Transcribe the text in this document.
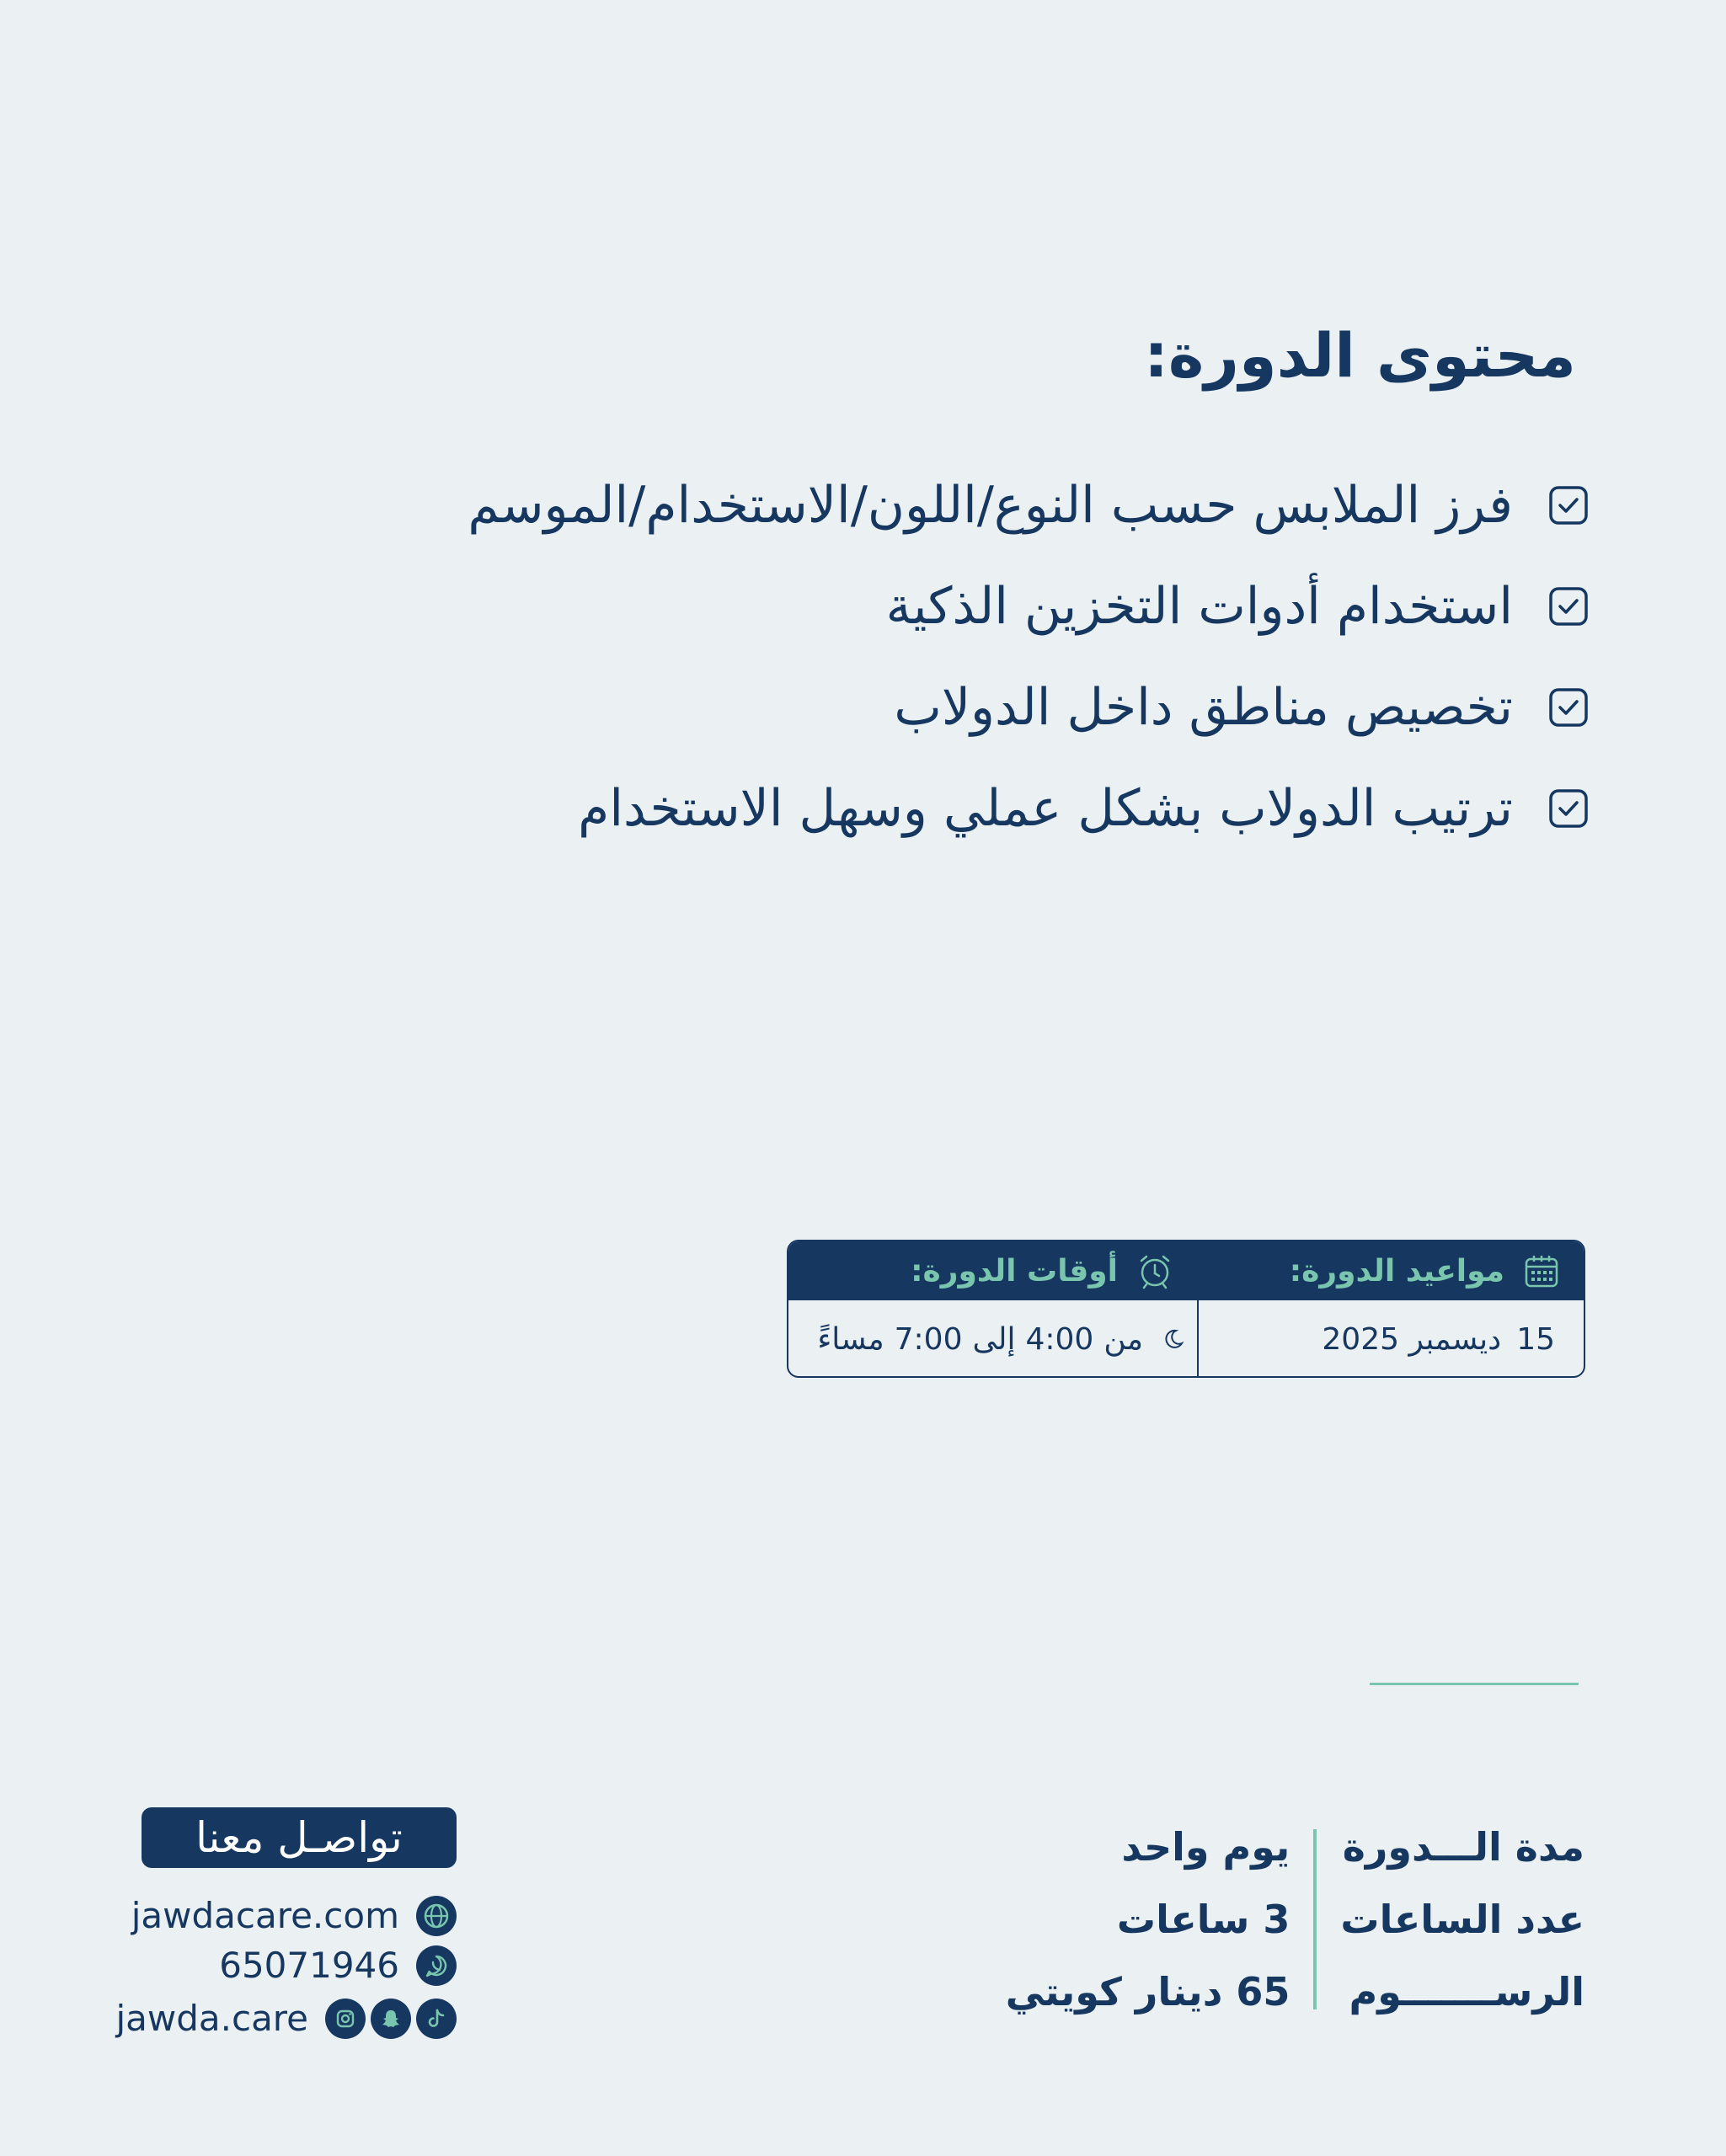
محتوى الدورة:
فرز الملابس حسب النوع/اللون/الاستخدام/الموسم
استخدام أدوات التخزين الذكية
تخصيص مناطق داخل الدولاب
ترتيب الدولاب بشكل عملي وسهل الاستخدام
مواعيد الدورة:
أوقات الدورة:
15
ديسمبر 2025
من
4:00
إلى
7:00
مساءً
مدة الـــدورة
عدد الساعات
الرســـــــوم
يوم واحد
3 ساعات
65 دينار كويتي
تواصـل معنا
jawdacare.com
65071946
jawda.care
